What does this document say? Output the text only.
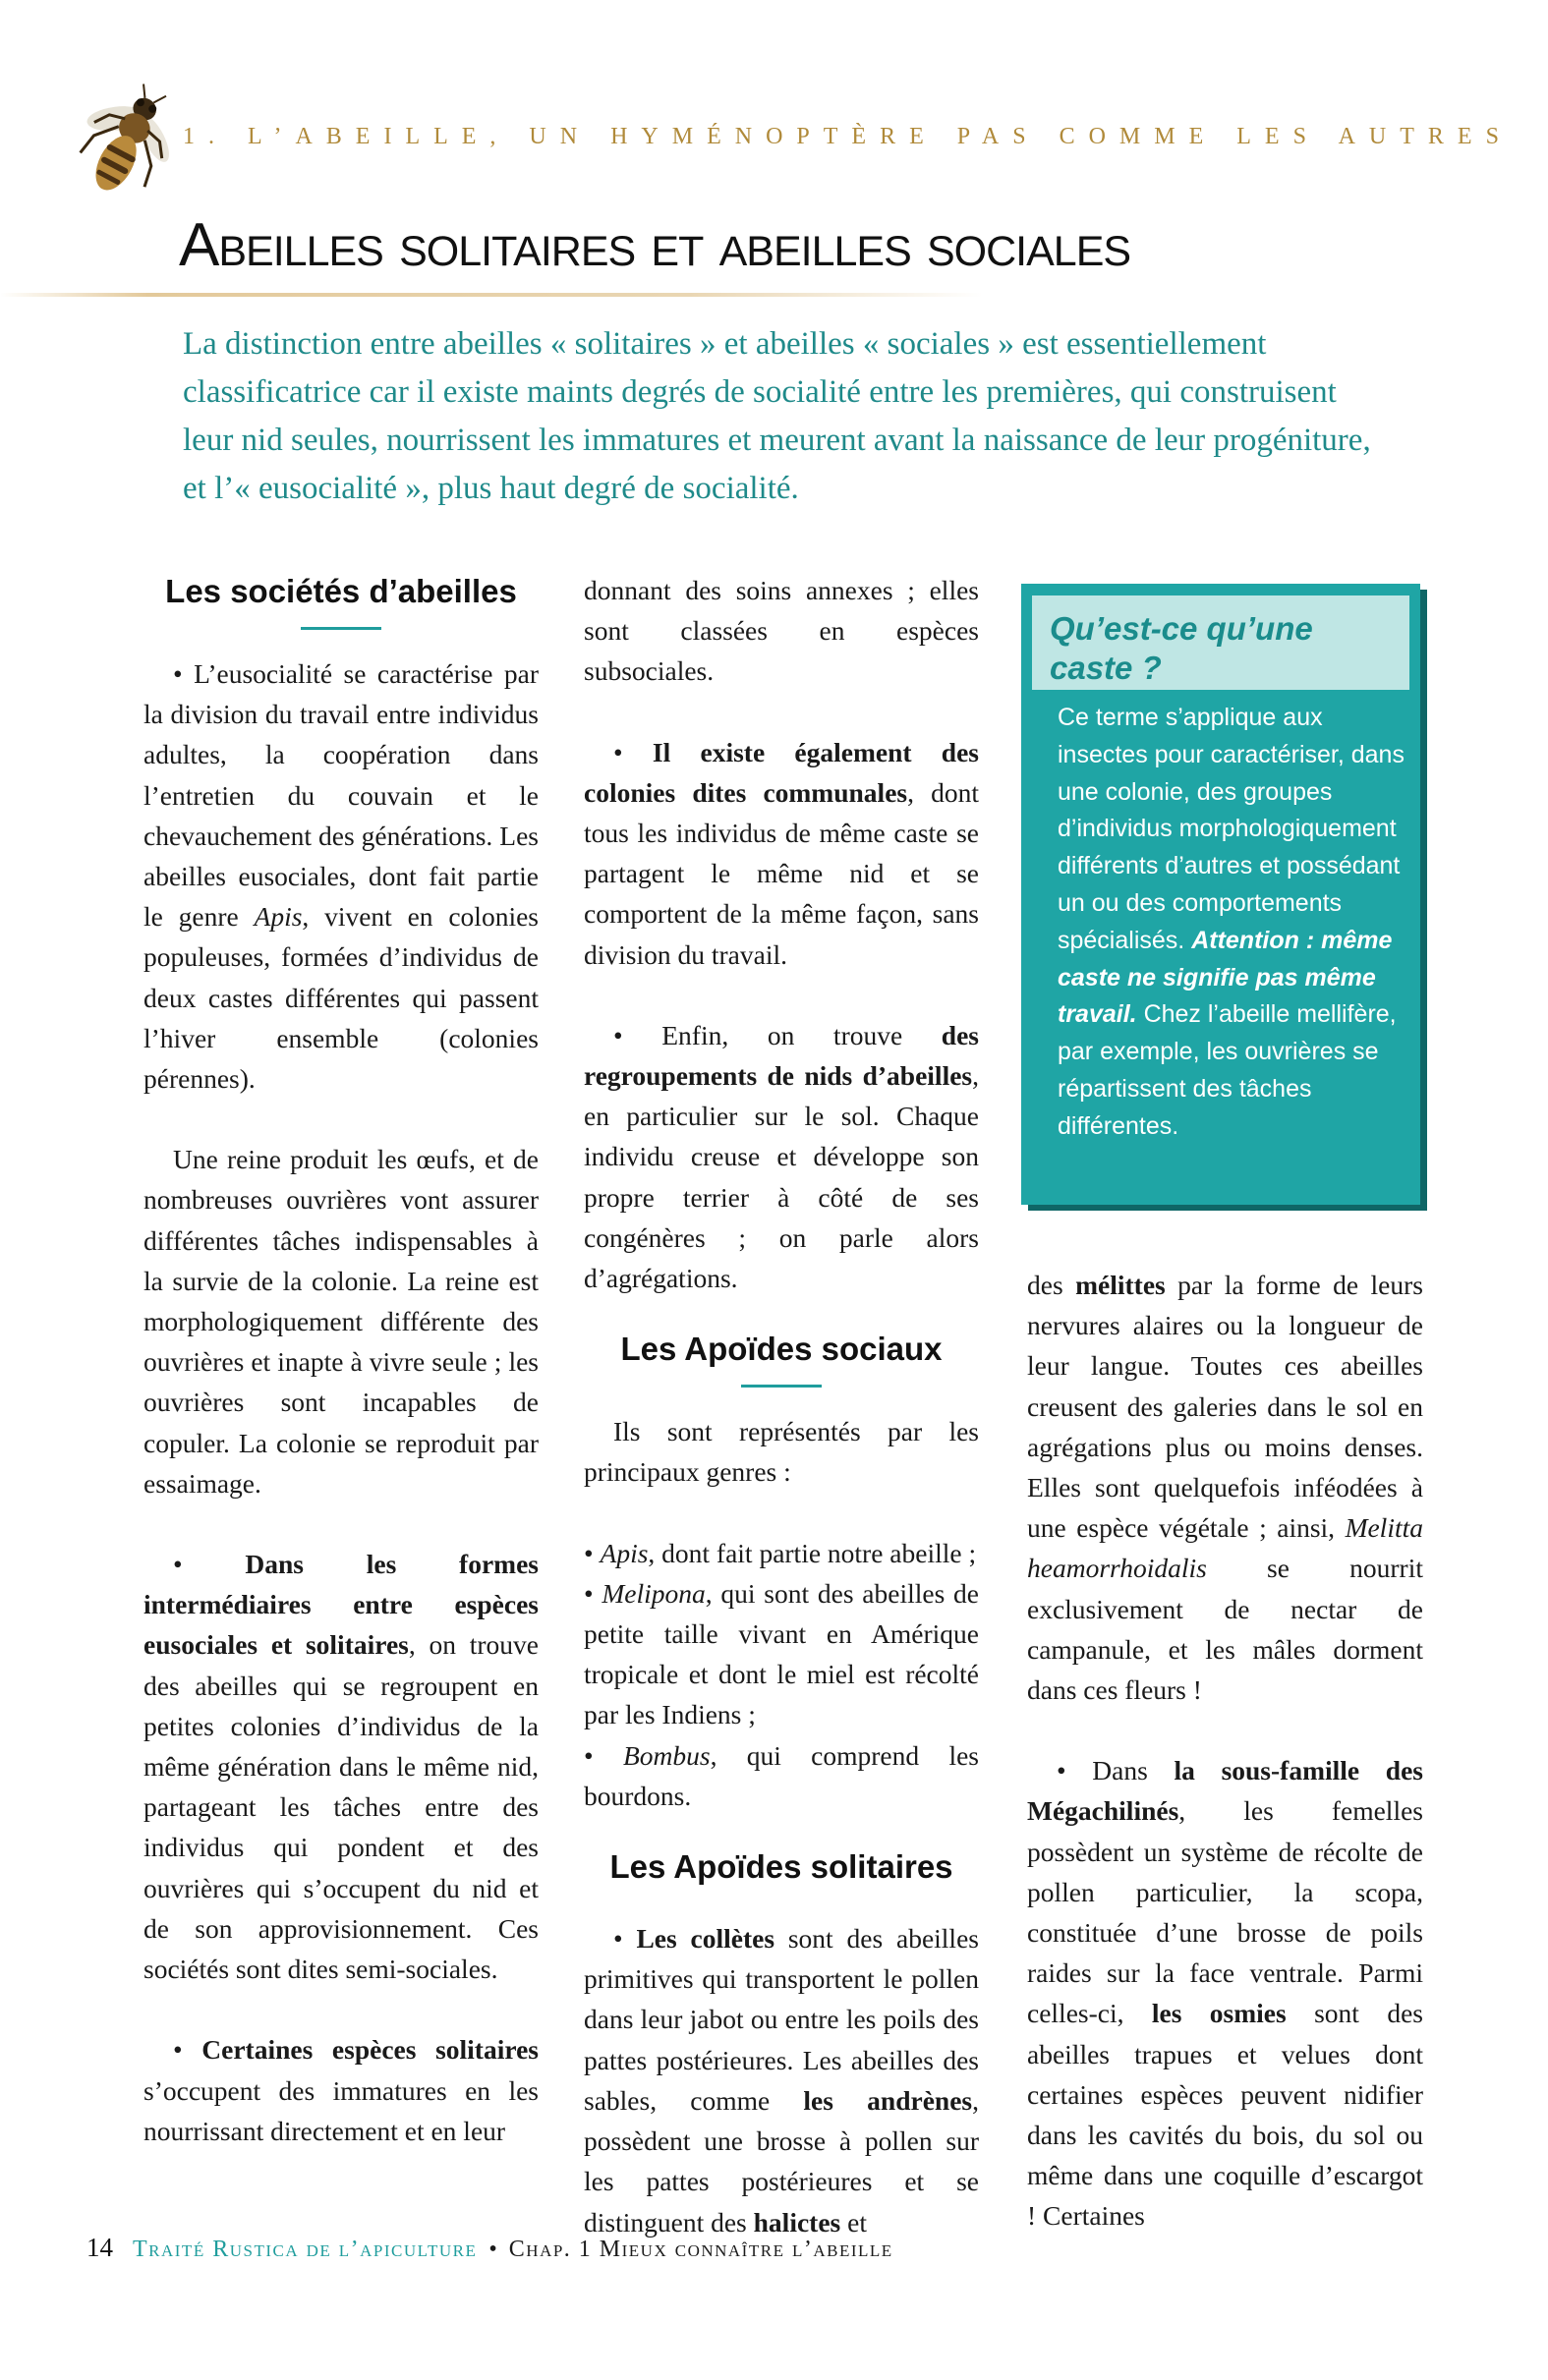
1. L’ABEILLE, UN HYMÉNOPTÈRE PAS COMME LES AUTRES
Abeilles solitaires et abeilles sociales

La distinction entre abeilles « solitaires » et abeilles « sociales » est essentiellement classificatrice car il existe maints degrés de socialité entre les premières, qui construisent leur nid seules, nourrissent les immatures et meurent avant la naissance de leur progéniture, et l’« eusocialité », plus haut degré de socialité.

Les sociétés d’abeilles

• L’eusocialité se caractérise par la division du travail entre individus adultes, la coopération dans l’entretien du couvain et le chevauchement des générations. Les abeilles eusociales, dont fait partie le genre Apis, vivent en colonies populeuses, formées d’individus de deux castes différentes qui passent l’hiver ensemble (colonies pérennes).

Une reine produit les œufs, et de nombreuses ouvrières vont assurer différentes tâches indispensables à la survie de la colonie. La reine est morphologiquement différente des ouvrières et inapte à vivre seule ; les ouvrières sont incapables de copuler. La colonie se reproduit par essaimage.

• Dans les formes intermédiaires entre espèces eusociales et solitaires, on trouve des abeilles qui se regroupent en petites colonies d’individus de la même génération dans le même nid, partageant les tâches entre des individus qui pondent et des ouvrières qui s’occupent du nid et de son approvisionnement. Ces sociétés sont dites semi-sociales.

• Certaines espèces solitaires s’occupent des immatures en les nourrissant directement et en leur

donnant des soins annexes ; elles sont classées en espèces subsociales.

• Il existe également des colonies dites communales, dont tous les individus de même caste se partagent le même nid et se comportent de la même façon, sans division du travail.

• Enfin, on trouve des regroupements de nids d’abeilles, en particulier sur le sol. Chaque individu creuse et développe son propre terrier à côté de ses congénères ; on parle alors d’agrégations.

Les Apoïdes sociaux

Ils sont représentés par les principaux genres :

• Apis, dont fait partie notre abeille ;

• Melipona, qui sont des abeilles de petite taille vivant en Amérique tropicale et dont le miel est récolté par les Indiens ;

• Bombus, qui comprend les bourdons.

Les Apoïdes solitaires

• Les collètes sont des abeilles primitives qui transportent le pollen dans leur jabot ou entre les poils des pattes postérieures. Les abeilles des sables, comme les andrènes, possèdent une brosse à pollen sur les pattes postérieures et se distinguent des halictes et

Qu’est-ce qu’une caste ?
Ce terme s’applique aux insectes pour caractériser, dans une colonie, des groupes d’individus morphologiquement différents d’autres et possédant un ou des comportements spécialisés. Attention : même caste ne signifie pas même travail. Chez l’abeille mellifère, par exemple, les ouvrières se répartissent des tâches différentes.

des mélittes par la forme de leurs nervures alaires ou la longueur de leur langue. Toutes ces abeilles creusent des galeries dans le sol en agrégations plus ou moins denses. Elles sont quelquefois inféodées à une espèce végétale ; ainsi, Melitta heamorrhoidalis se nourrit exclusivement de nectar de campanule, et les mâles dorment dans ces fleurs !

• Dans la sous-famille des Mégachilinés, les femelles possèdent un système de récolte de pollen particulier, la scopa, constituée d’une brosse de poils raides sur la face ventrale. Parmi celles-ci, les osmies sont des abeilles trapues et velues dont certaines espèces peuvent nidifier dans les cavités du bois, du sol ou même dans une coquille d’escargot ! Certaines

14 Traité Rustica de l’apiculture • Chap. 1 Mieux connaître l’abeille
